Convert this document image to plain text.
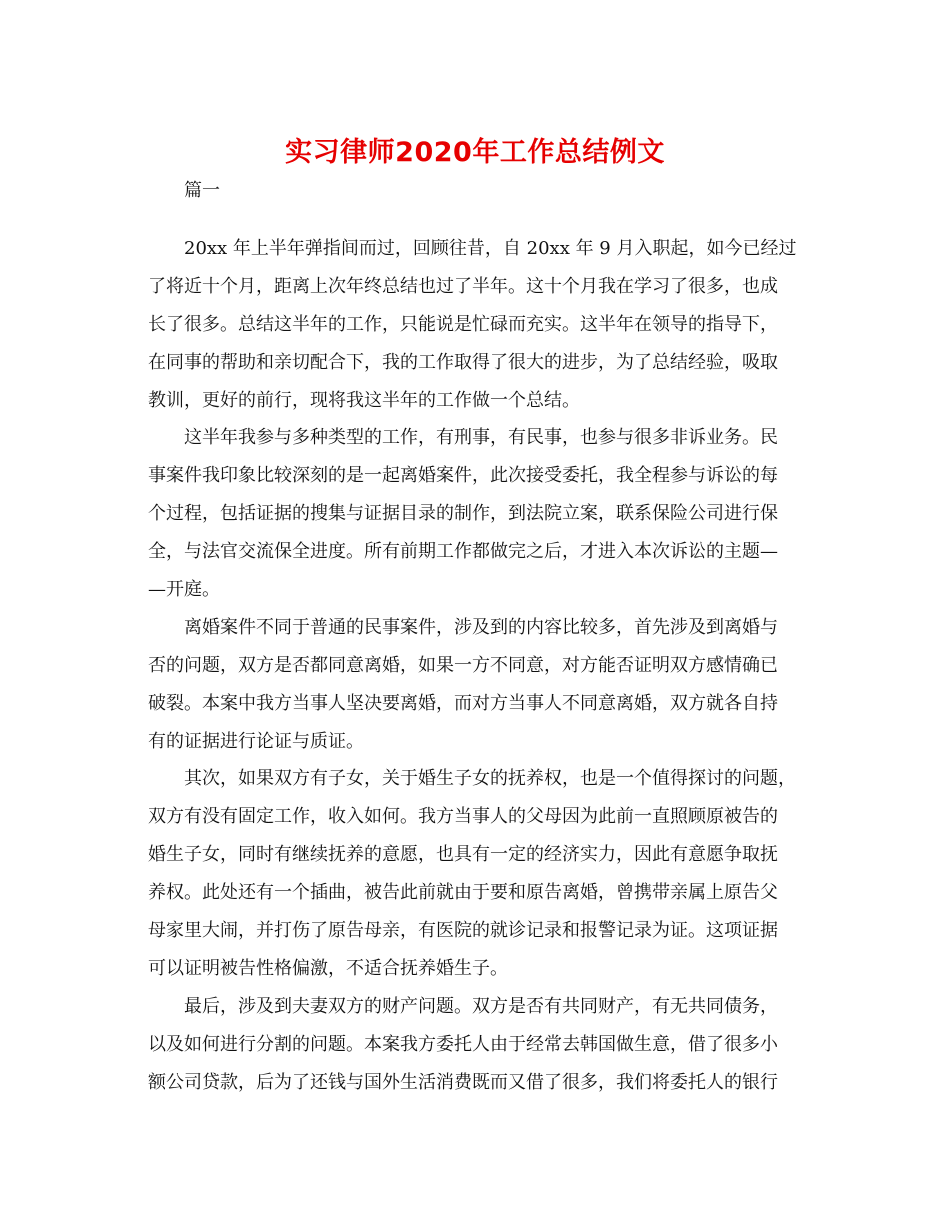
实习律师2020年工作总结例文
篇一
20xx 年上半年弹指间而过，回顾往昔，自 20xx 年 9 月入职起，如今已经过
了将近十个月，距离上次年终总结也过了半年。这十个月我在学习了很多，也成
长了很多。总结这半年的工作，只能说是忙碌而充实。这半年在领导的指导下，
在同事的帮助和亲切配合下，我的工作取得了很大的进步，为了总结经验，吸取
教训，更好的前行，现将我这半年的工作做一个总结。
这半年我参与多种类型的工作，有刑事，有民事，也参与很多非诉业务。民
事案件我印象比较深刻的是一起离婚案件，此次接受委托，我全程参与诉讼的每
个过程，包括证据的搜集与证据目录的制作，到法院立案，联系保险公司进行保
全，与法官交流保全进度。所有前期工作都做完之后，才进入本次诉讼的主题—
—开庭。
离婚案件不同于普通的民事案件，涉及到的内容比较多，首先涉及到离婚与
否的问题，双方是否都同意离婚，如果一方不同意，对方能否证明双方感情确已
破裂。本案中我方当事人坚决要离婚，而对方当事人不同意离婚，双方就各自持
有的证据进行论证与质证。
其次，如果双方有子女，关于婚生子女的抚养权，也是一个值得探讨的问题，
双方有没有固定工作，收入如何。我方当事人的父母因为此前一直照顾原被告的
婚生子女，同时有继续抚养的意愿，也具有一定的经济实力，因此有意愿争取抚
养权。此处还有一个插曲，被告此前就由于要和原告离婚，曾携带亲属上原告父
母家里大闹，并打伤了原告母亲，有医院的就诊记录和报警记录为证。这项证据
可以证明被告性格偏激，不适合抚养婚生子。
最后，涉及到夫妻双方的财产问题。双方是否有共同财产，有无共同债务，
以及如何进行分割的问题。本案我方委托人由于经常去韩国做生意，借了很多小
额公司贷款，后为了还钱与国外生活消费既而又借了很多，我们将委托人的银行
